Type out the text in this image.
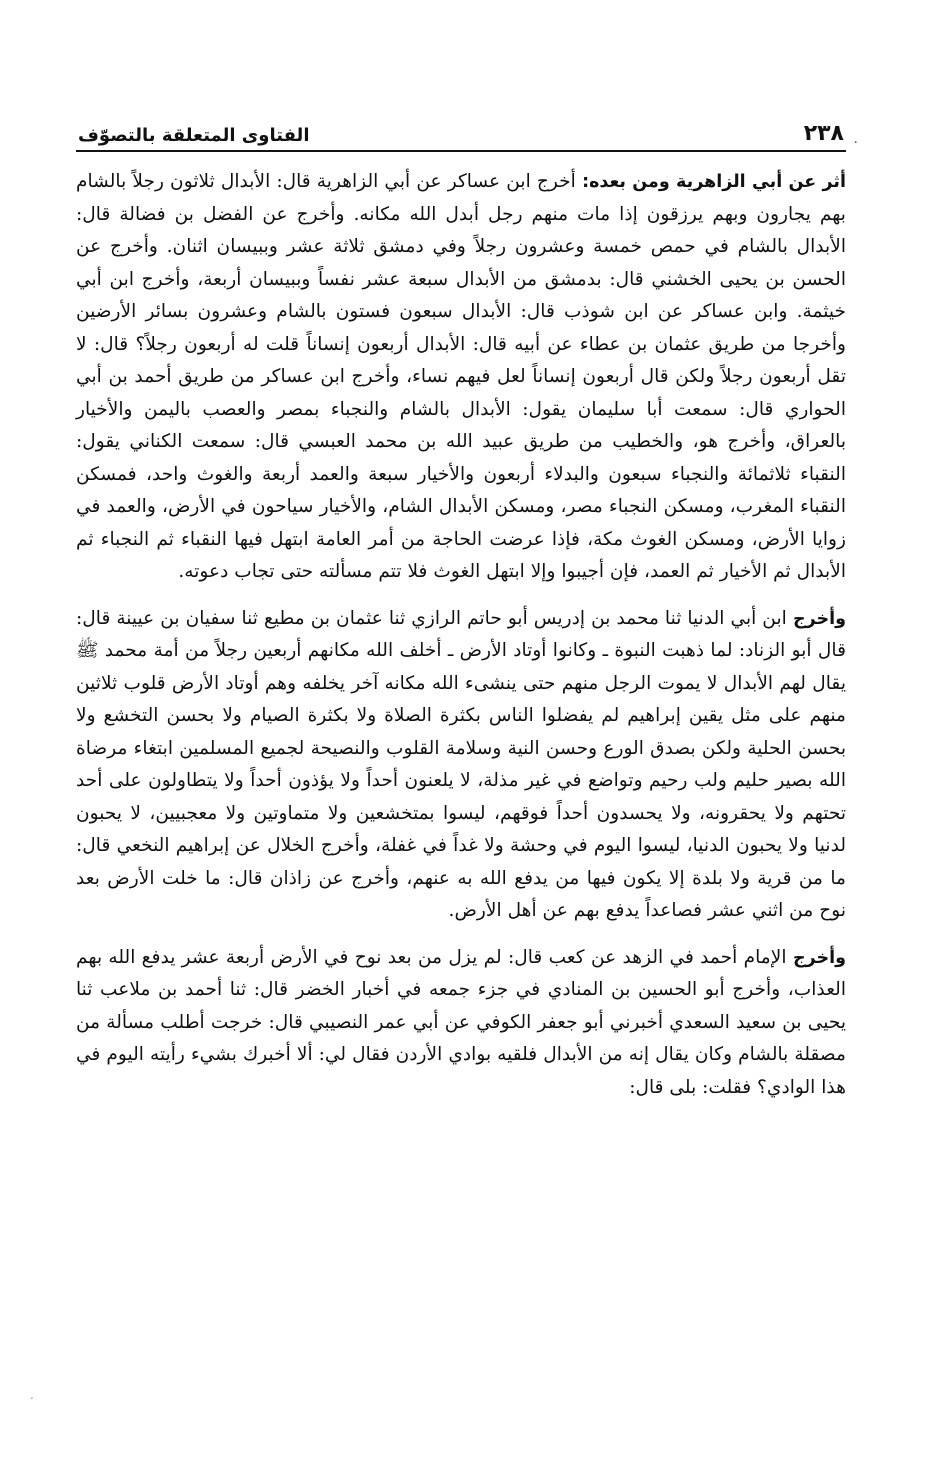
٢٣٨
الفتاوى المتعلقة بالتصوّف	.

أثر عن أبي الزاهرية ومن بعده: أخرج ابن عساكر عن أبي الزاهرية قال: الأبدال ثلاثون رجلاً بالشام بهم يجارون وبهم يرزقون إذا مات منهم رجل أبدل الله مكانه. وأخرج عن الفضل بن فضالة قال: الأبدال بالشام في حمص خمسة وعشرون رجلاً وفي دمشق ثلاثة عشر وببيسان اثنان. وأخرج عن الحسن بن يحيى الخشني قال: بدمشق من الأبدال سبعة عشر نفساً وببيسان أربعة، وأخرج ابن أبي خيثمة. وابن عساكر عن ابن شوذب قال: الأبدال سبعون فستون بالشام وعشرون بسائر الأرضين وأخرجا من طريق عثمان بن عطاء عن أبيه قال: الأبدال أربعون إنساناً قلت له أربعون رجلاً؟ قال: لا تقل أربعون رجلاً ولكن قال أربعون إنساناً لعل فيهم نساء، وأخرج ابن عساكر من طريق أحمد بن أبي الحواري قال: سمعت أبا سليمان يقول: الأبدال بالشام والنجباء بمصر والعصب باليمن والأخيار بالعراق، وأخرج هو، والخطيب من طريق عبيد الله بن محمد العبسي قال: سمعت الكناني يقول: النقباء ثلاثمائة والنجباء سبعون والبدلاء أربعون والأخيار سبعة والعمد أربعة والغوث واحد، فمسكن النقباء المغرب، ومسكن النجباء مصر، ومسكن الأبدال الشام، والأخيار سياحون في الأرض، والعمد في زوايا الأرض، ومسكن الغوث مكة، فإذا عرضت الحاجة من أمر العامة ابتهل فيها النقباء ثم النجباء ثم الأبدال ثم الأخيار ثم العمد، فإن أجيبوا وإلا ابتهل الغوث فلا تتم مسألته حتى تجاب دعوته.

وأخرج ابن أبي الدنيا ثنا محمد بن إدريس أبو حاتم الرازي ثنا عثمان بن مطيع ثنا سفيان بن عيينة قال: قال أبو الزناد: لما ذهبت النبوة ـ وكانوا أوتاد الأرض ـ أخلف الله مكانهم أربعين رجلاً من أمة محمد ﷺ يقال لهم الأبدال لا يموت الرجل منهم حتى ينشىء الله مكانه آخر يخلفه وهم أوتاد الأرض قلوب ثلاثين منهم على مثل يقين إبراهيم لم يفضلوا الناس بكثرة الصلاة ولا بكثرة الصيام ولا بحسن التخشع ولا بحسن الحلية ولكن بصدق الورع وحسن النية وسلامة القلوب والنصيحة لجميع المسلمين ابتغاء مرضاة الله بصير حليم ولب رحيم وتواضع في غير مذلة، لا يلعنون أحداً ولا يؤذون أحداً ولا يتطاولون على أحد تحتهم ولا يحقرونه، ولا يحسدون أحداً فوقهم، ليسوا بمتخشعين ولا متماوتين ولا معجبيين، لا يحبون لدنيا ولا يحبون الدنيا، ليسوا اليوم في وحشة ولا غداً في غفلة، وأخرج الخلال عن إبراهيم النخعي قال: ما من قرية ولا بلدة إلا يكون فيها من يدفع الله به عنهم، وأخرج عن زاذان قال: ما خلت الأرض بعد نوح من اثني عشر فصاعداً يدفع بهم عن أهل الأرض.

وأخرج الإمام أحمد في الزهد عن كعب قال: لم يزل من بعد نوح في الأرض أربعة عشر يدفع الله بهم العذاب، وأخرج أبو الحسين بن المنادي في جزء جمعه في أخبار الخضر قال: ثنا أحمد بن ملاعب ثنا يحيى بن سعيد السعدي أخبرني أبو جعفر الكوفي عن أبي عمر النصيبي قال: خرجت أطلب مسألة من مصقلة بالشام وكان يقال إنه من الأبدال فلقيه بوادي الأردن فقال لي: ألا أخبرك بشيء رأيته اليوم في هذا الوادي؟ فقلت: بلى قال:

.
